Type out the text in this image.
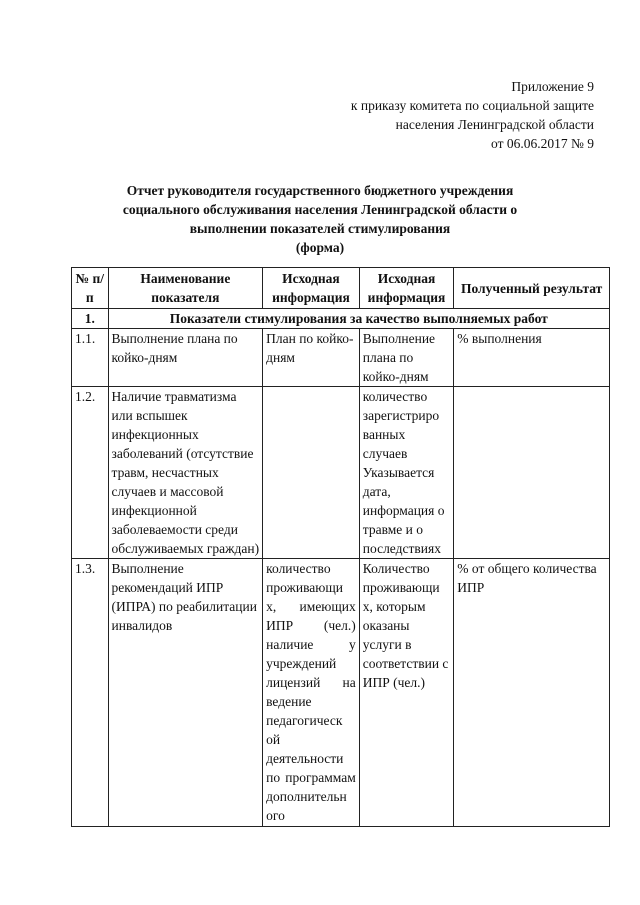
Приложение 9
к приказу комитета по социальной защите
населения Ленинградской области
от 06.06.2017 № 9
Отчет руководителя государственного бюджетного учреждения
социального обслуживания населения Ленинградской области о
выполнении показателей стимулирования
(форма)
№ п/п	Наименование показателя	Исходная информация	Исходная информация	Полученный результат
1.	Показатели стимулирования за качество выполняемых работ			
1.1.	Выполнение плана по койко-дням	План по койко-дням	Выполнение плана по койко-дням	% выполнения
1.2.	Наличие травматизма или вспышек инфекционных заболеваний (отсутствие травм, несчастных случаев и массовой инфекционной заболеваемости среди обслуживаемых граждан)		количество зарегистриро ванных случаев Указывается дата, информация о травме и о последствиях	
1.3.	Выполнение рекомендаций ИПР (ИПРА) по реабилитации инвалидов	количество проживающи х, имеющих ИПР (чел.) наличие у учреждений лицензий на ведение педагогическ ой деятельности по программам дополнительн ого	Количество проживающи х, которым оказаны услуги в соответствии с ИПР (чел.)	% от общего количества ИПР
